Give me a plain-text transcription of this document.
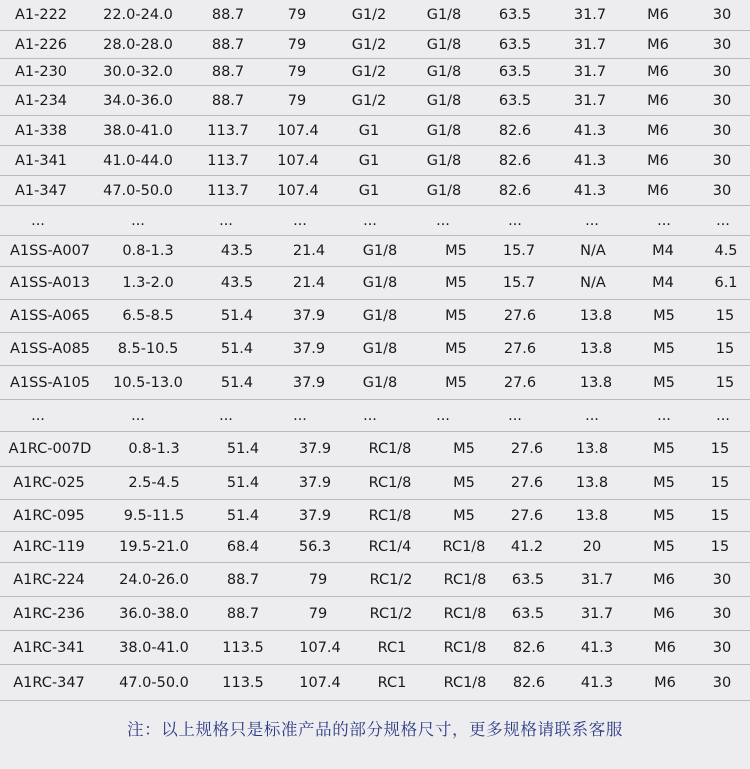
A1-222 22.0-24.0	88.7	79	G1/2	G1/8	63.5	31.7	M6	30
A1-226 28.0-28.0	88.7	79	G1/2	G1/8	63.5	31.7	M6	30
A1-230 30.0-32.0	88.7	79	G1/2	G1/8	63.5	31.7	M6	30
A1-234 34.0-36.0	88.7	79	G1/2	G1/8	63.5	31.7	M6	30
A1-338 38.0-41.0 113.7 107.4	G1	G1/8	82.6	41.3	M6	30
A1-341 41.0-44.0 113.7 107.4	G1	G1/8	82.6	41.3	M6	30
A1-347 47.0-50.0 113.7 107.4	G1	G1/8	82.6	41.3	M6	30
...	...	...	...	...	...	...	...	...	...
A1SS-A007 0.8-1.3	43.5	21.4	G1/8	M5 15.7	N/A	M4	4.5
A1SS-A013 1.3-2.0	43.5	21.4	G1/8	M5 15.7	N/A	M4	6.1
A1SS-A065 6.5-8.5	51.4	37.9	G1/8	M5	27.6	13.8	M5	15
A1SS-A085 8.5-10.5	51.4	37.9	G1/8	M5	27.6	13.8	M5	15
A1SS-A105 10.5-13.0	51.4	37.9	G1/8	M5	27.6	13.8	M5	15
...	...	...	...	...	...	...	...	...	...
A1RC-007D	0.8-1.3	51.4	37.9	RC1/8	M5 27.6 13.8	M5 15
A1RC-025	2.5-4.5	51.4	37.9	RC1/8	M5 27.6 13.8	M5 15
A1RC-095	9.5-11.5	51.4	37.9	RC1/8	M5 27.6 13.8	M5 15
A1RC-119 19.5-21.0	68.4	56.3	RC1/4 RC1/8 41.2	20	M5 15
A1RC-224 24.0-26.0	88.7	79	RC1/2 RC1/8 63.5	31.7	M6	30
A1RC-236 36.0-38.0	88.7	79	RC1/2 RC1/8 63.5	31.7	M6	30
A1RC-341 38.0-41.0 113.5 107.4	RC1	RC1/8 82.6 41.3	M6	30
A1RC-347 47.0-50.0 113.5 107.4	RC1	RC1/8 82.6 41.3	M6	30
注：以上规格只是标准产品的部分规格尺寸，更多规格请联系客服
